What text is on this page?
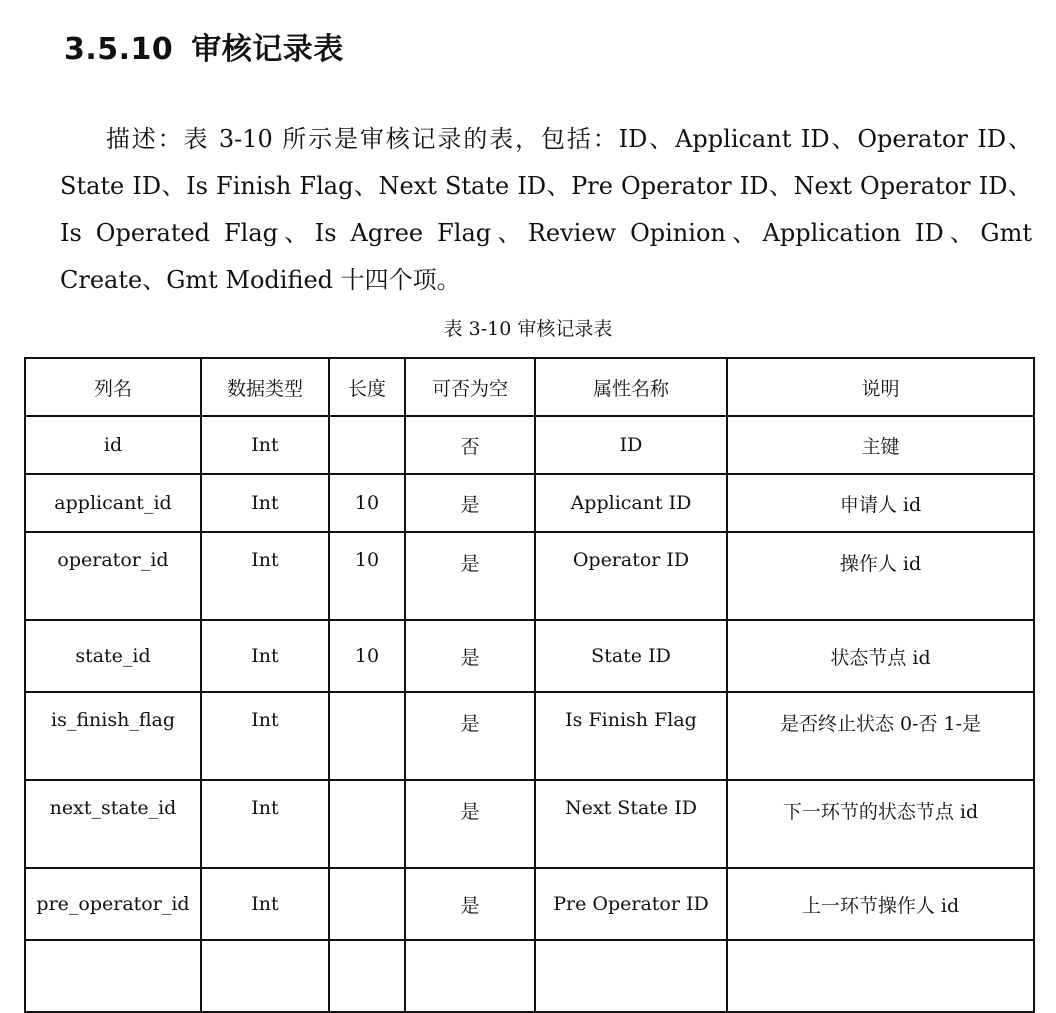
3.5.10 审核记录表
描述：表 3-10 所示是审核记录的表，包括：ID、Applicant ID、Operator ID、State ID、Is Finish Flag、Next State ID、Pre Operator ID、Next Operator ID、Is Operated Flag、Is Agree Flag、Review Opinion、Application ID、Gmt Create、Gmt Modified 十四个项。
表 3-10 审核记录表
列名	数据类型	长度	可否为空	属性名称	说明
id	Int		否	ID	主键
applicant_id	Int	10	是	Applicant ID	申请人 id
operator_id	Int	10	是	Operator ID	操作人 id
state_id	Int	10	是	State ID	状态节点 id
is_finish_flag	Int		是	Is Finish Flag	是否终止状态 0-否 1-是
next_state_id	Int		是	Next State ID	下一环节的状态节点 id
pre_operator_id	Int		是	Pre Operator ID	上一环节操作人 id
